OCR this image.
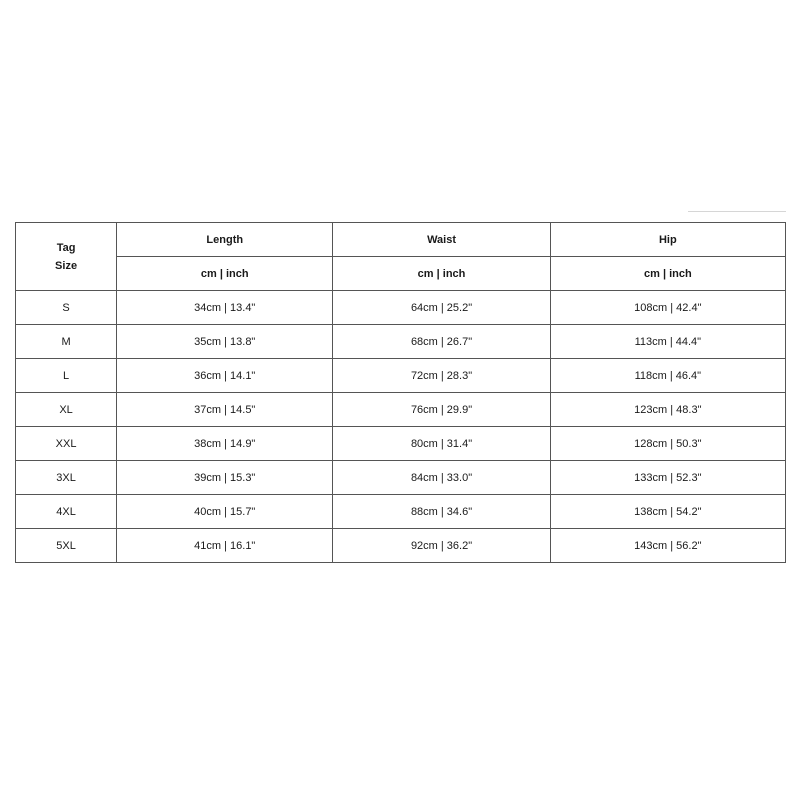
Tag
Size	Length	Waist	Hip
	cm | inch	cm | inch	cm | inch
S	34cm | 13.4"	64cm | 25.2"	108cm | 42.4"
M	35cm | 13.8"	68cm | 26.7"	113cm | 44.4"
L	36cm | 14.1"	72cm | 28.3"	118cm | 46.4"
XL	37cm | 14.5"	76cm | 29.9"	123cm | 48.3"
XXL	38cm | 14.9"	80cm | 31.4"	128cm | 50.3"
3XL	39cm | 15.3"	84cm | 33.0"	133cm | 52.3"
4XL	40cm | 15.7"	88cm | 34.6"	138cm | 54.2"
5XL	41cm | 16.1"	92cm | 36.2"	143cm | 56.2"
